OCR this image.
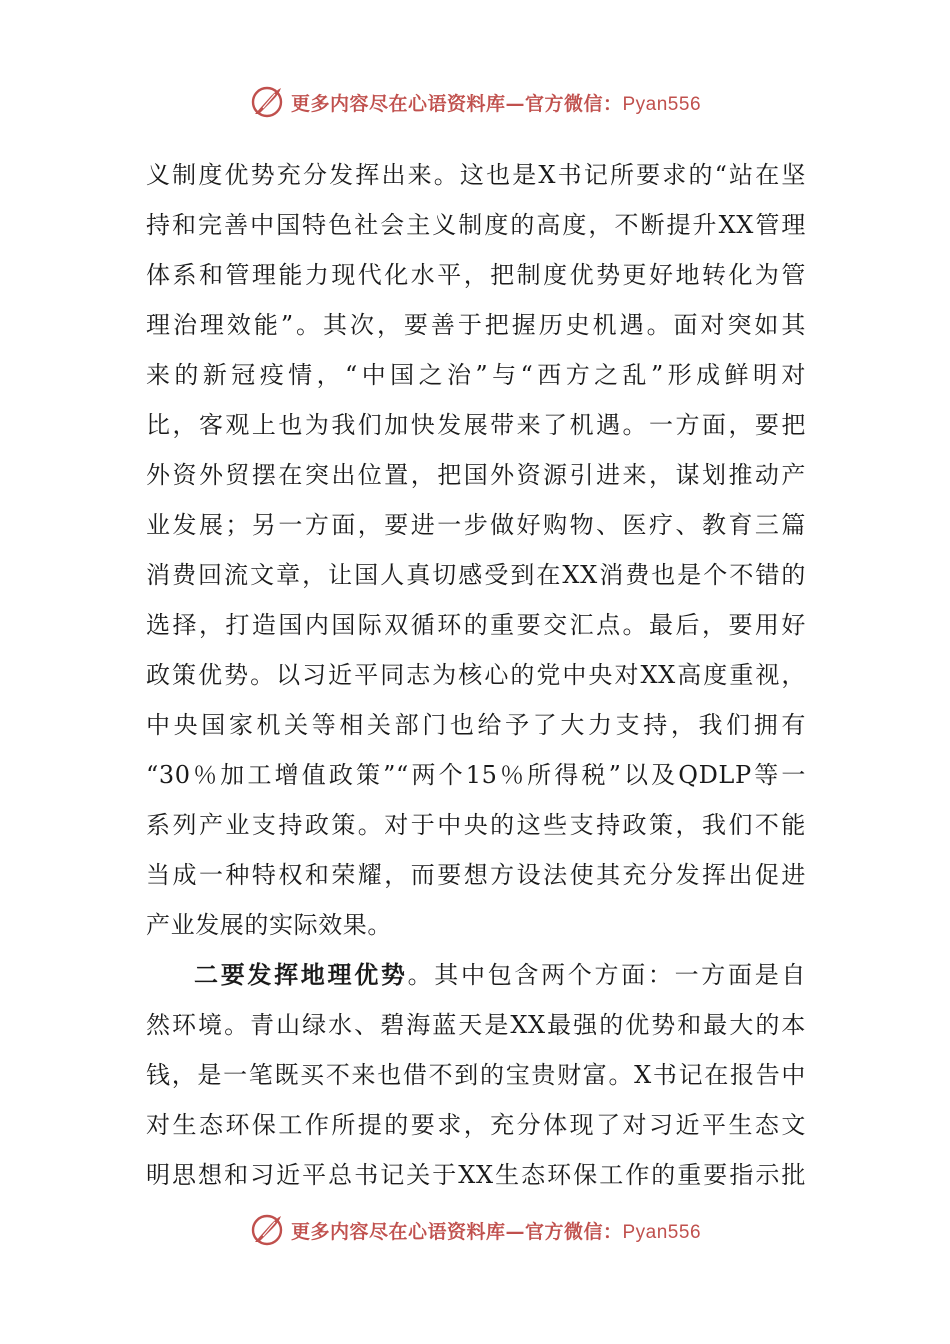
更多内容尽在心语资料库—官方微信：Pyan556
义制度优势充分发挥出来。这也是X书记所要求的“站在坚
持和完善中国特色社会主义制度的高度，不断提升XX管理
体系和管理能力现代化水平，把制度优势更好地转化为管
理治理效能”。其次，要善于把握历史机遇。面对突如其
来的新冠疫情，“中国之治”与“西方之乱”形成鲜明对
比，客观上也为我们加快发展带来了机遇。一方面，要把
外资外贸摆在突出位置，把国外资源引进来，谋划推动产
业发展；另一方面，要进一步做好购物、医疗、教育三篇
消费回流文章，让国人真切感受到在XX消费也是个不错的
选择，打造国内国际双循环的重要交汇点。最后，要用好
政策优势。以习近平同志为核心的党中央对XX高度重视，
中央国家机关等相关部门也给予了大力支持，我们拥有
“30％加工增值政策”“两个15％所得税”以及QDLP等一
系列产业支持政策。对于中央的这些支持政策，我们不能
当成一种特权和荣耀，而要想方设法使其充分发挥出促进
产业发展的实际效果。
二要发挥地理优势。其中包含两个方面：一方面是自
然环境。青山绿水、碧海蓝天是XX最强的优势和最大的本
钱，是一笔既买不来也借不到的宝贵财富。X书记在报告中
对生态环保工作所提的要求，充分体现了对习近平生态文
明思想和习近平总书记关于XX生态环保工作的重要指示批
更多内容尽在心语资料库—官方微信：Pyan556
